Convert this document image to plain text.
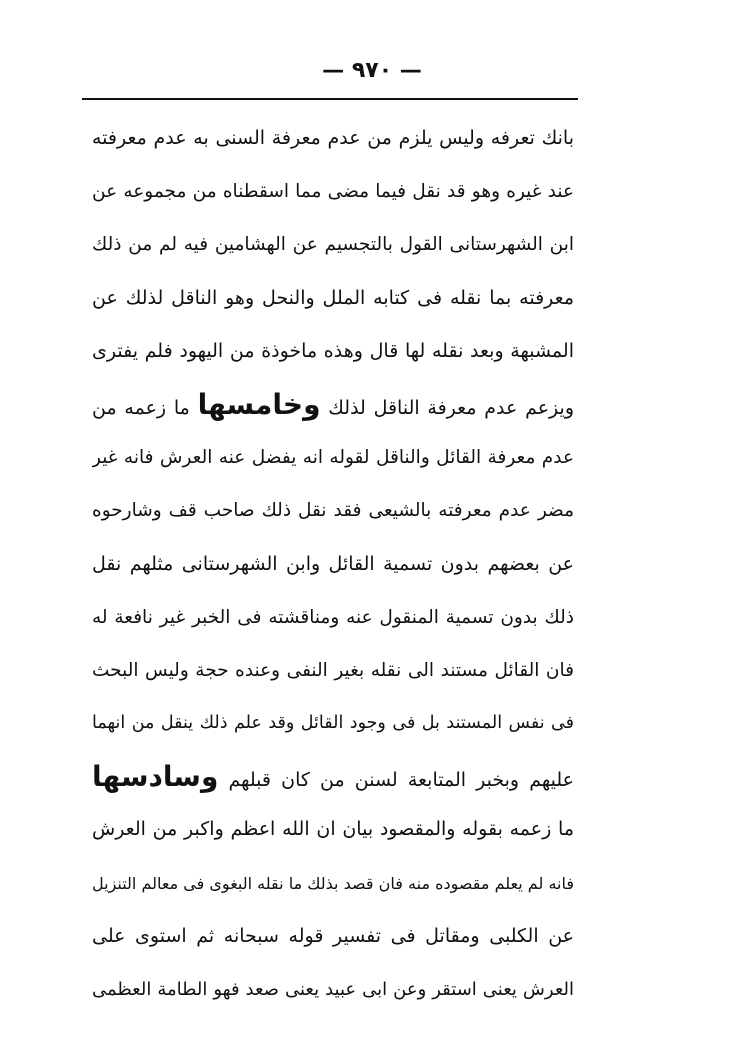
— ٩٧٠ —
بانك تعرفه وليس يلزم من عدم معرفة السنى به عدم معرفته
عند غيره وهو قد نقل فيما مضى مما اسقطناه من مجموعه عن
ابن الشهرستانى القول بالتجسيم عن الهشامين فيه لم من ذلك
معرفته بما نقله فى كتابه الملل والنحل وهو الناقل لذلك عن
المشبهة وبعد نقله لها قال وهذه ماخوذة من اليهود فلم يفترى
ويزعم عدم معرفة الناقل لذلك وخامسها ما زعمه من
عدم معرفة القائل والناقل لقوله انه يفضل عنه العرش فانه غير
مضر عدم معرفته بالشيعى فقد نقل ذلك صاحب قف وشارحوه
عن بعضهم بدون تسمية القائل وابن الشهرستانى مثلهم نقل
ذلك بدون تسمية المنقول عنه ومناقشته فى الخبر غير نافعة له
فان القائل مستند الى نقله بغير النفى وعنده حجة وليس البحث
فى نفس المستند بل فى وجود القائل وقد علم ذلك ينقل من انهما
عليهم وبخبر المتابعة لسنن من كان قبلهم وسادسها
ما زعمه بقوله والمقصود بيان ان الله اعظم واكبر من العرش
فانه لم يعلم مقصوده منه فان قصد بذلك ما نقله البغوى فى معالم التنزيل
عن الكلبى ومقاتل فى تفسير قوله سبحانه ثم استوى على
العرش يعنى استقر وعن ابى عبيد يعنى صعد فهو الطامة العظمى
